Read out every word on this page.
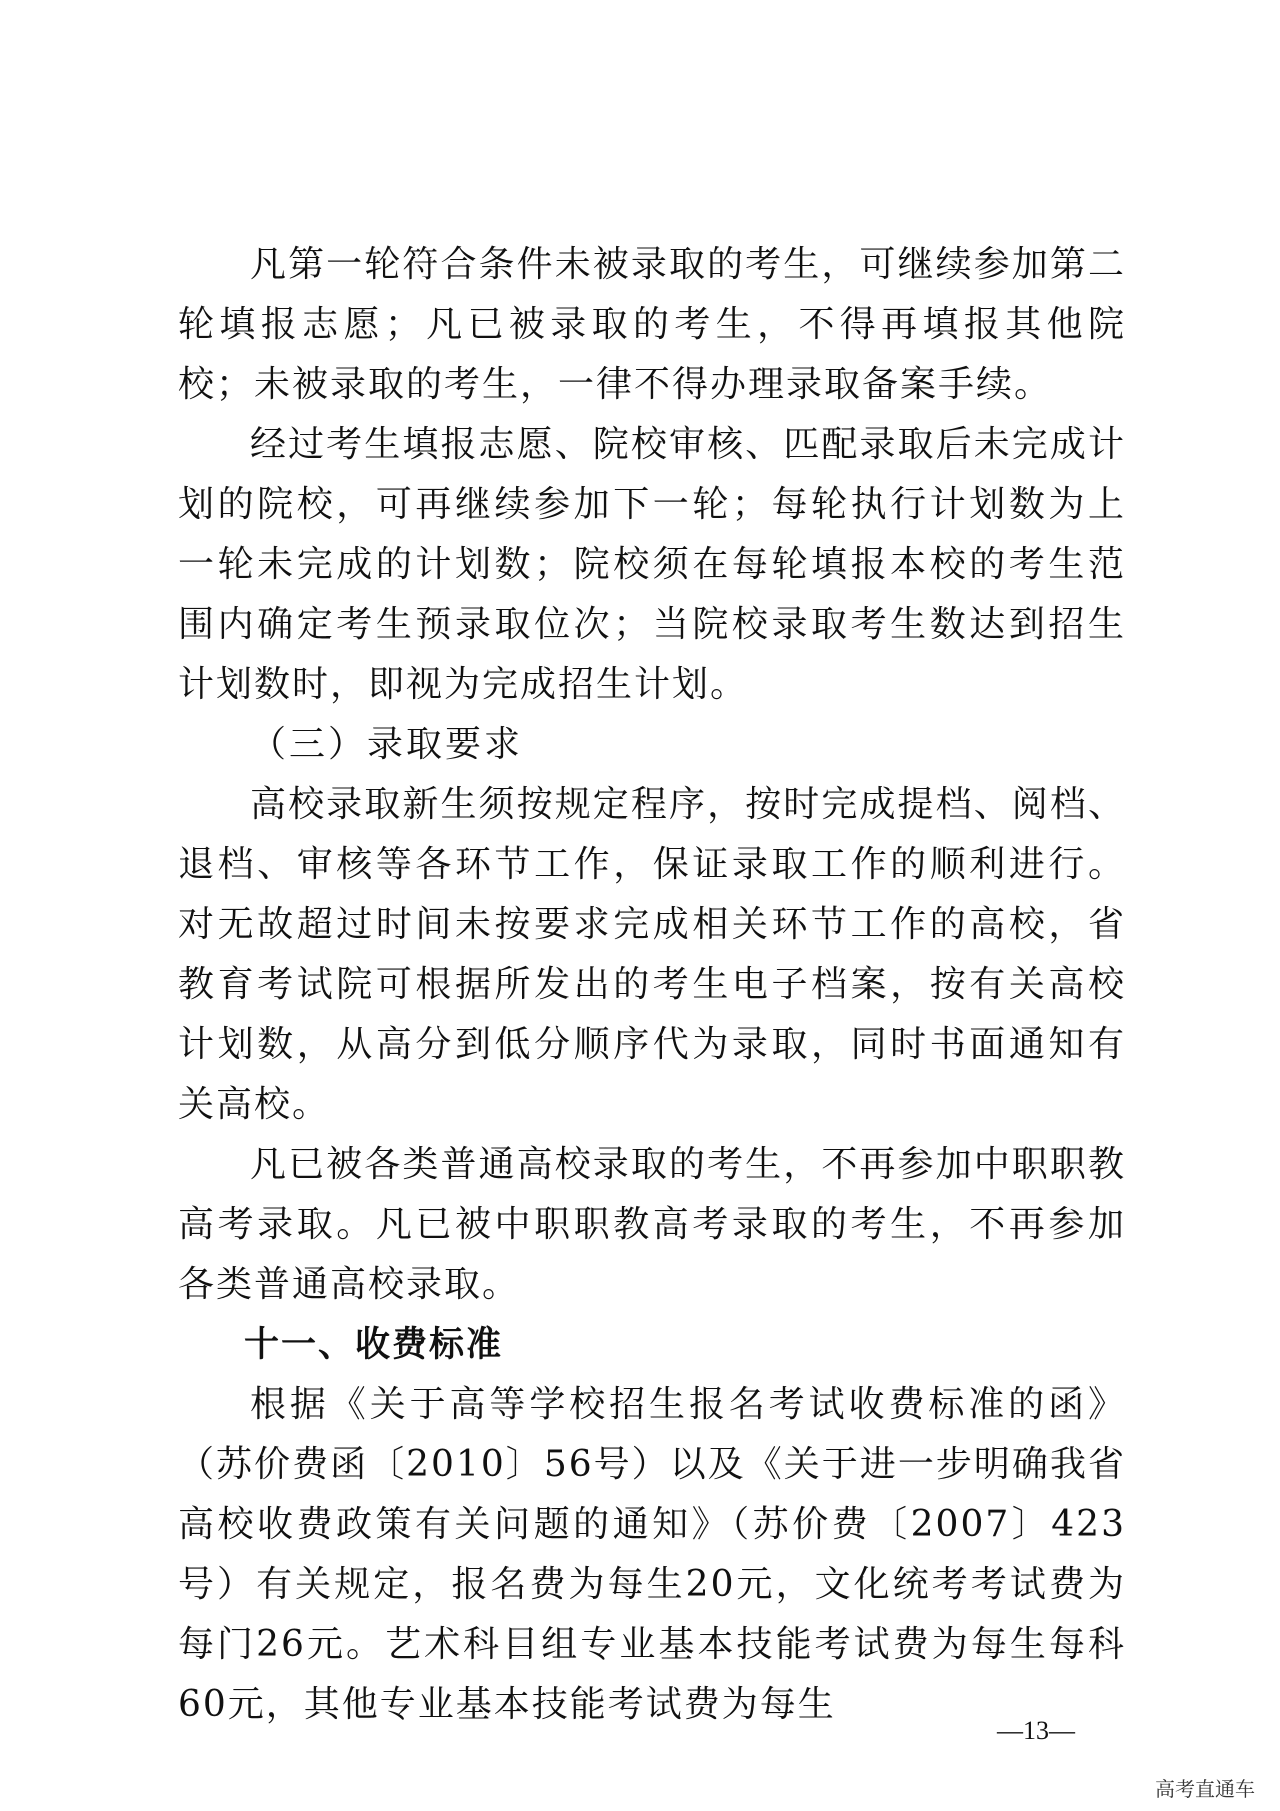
凡第一轮符合条件未被录取的考生，可继续参加第二轮填报志愿；凡已被录取的考生，不得再填报其他院校；未被录取的考生，一律不得办理录取备案手续。

经过考生填报志愿、院校审核、匹配录取后未完成计划的院校，可再继续参加下一轮；每轮执行计划数为上一轮未完成的计划数；院校须在每轮填报本校的考生范围内确定考生预录取位次；当院校录取考生数达到招生计划数时，即视为完成招生计划。

（三）录取要求

高校录取新生须按规定程序，按时完成提档、阅档、退档、审核等各环节工作，保证录取工作的顺利进行。对无故超过时间未按要求完成相关环节工作的高校，省教育考试院可根据所发出的考生电子档案，按有关高校计划数，从高分到低分顺序代为录取，同时书面通知有关高校。

凡已被各类普通高校录取的考生，不再参加中职职教高考录取。凡已被中职职教高考录取的考生，不再参加各类普通高校录取。

十一、收费标准

根据《关于高等学校招生报名考试收费标准的函》（苏价费函〔2010〕56号）以及《关于进一步明确我省高校收费政策有关问题的通知》（苏价费〔2007〕423号）有关规定，报名费为每生20元，文化统考考试费为每门26元。艺术科目组专业基本技能考试费为每生每科60元，其他专业基本技能考试费为每生

—13—
高考直通车
